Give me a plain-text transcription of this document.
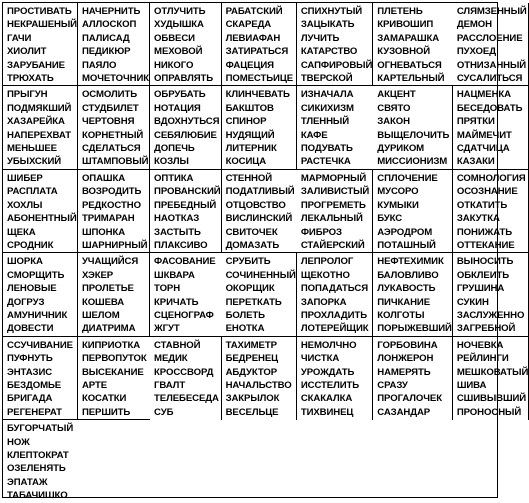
ПРОСТИВАТЬ
НЕКРАШЕНЫЙ
ГАЧИ
ХИОЛИТ
ЗАРУБАНИЕ
ТРЮХАТЬ
НАЧЕРНИТЬ
АЛЛОСКОП
ПАЛИСАД
ПЕДИКЮР
ПАЯЛО
МОЧЕТОЧНИК
ОТЛУЧИТЬ
ХУДЫШКА
ОБВЕСИ
МЕХОВОЙ
НИКОГО
ОПРАВЛЯТЬ
РАБАТСКИЙ
СКАРЕДА
ЛЕВИАФАН
ЗАТИРАТЬСЯ
ФАЦЕЦИЯ
ПОМЕСТЬИЦЕ
СПИХНУТЫЙ
ЗАЦЫКАТЬ
ЛУЧИТЬ
КАТАРСТВО
САПФИРОВЫЙ
ТВЕРСКОЙ
ПЛЕТЕНЬ
КРИВОШИП
ЗАМАРАШКА
КУЗОВНОЙ
ОГНЕВАТЬСЯ
КАРТЕЛЬНЫЙ
СЛЯМЗЕННЫЙ
ДЕМОН
РАССЛОЕНИЕ
ПУХОЕД
ОТНИЗАННЫЙ
СУСАЛИТЬСЯ
ПРЫГУН
ПОДМЯКШИЙ
ХАЗАРЕЙКА
НАПЕРЕХВАТ
МЕНЬШЕЕ
УБЫХСКИЙ
ОСМОЛИТЬ
СТУДБИЛЕТ
ЧЕРТОВНЯ
КОРНЕТНЫЙ
СДЕЛАТЬСЯ
ШТАМПОВЫЙ
ОБРУБАТЬ
НОТАЦИЯ
ВДОХНУТЬСЯ
СЕБЯЛЮБИЕ
ДОПЕЧЬ
КОЗЛЫ
КЛИНЧЕВАТЬ
БАКШТОВ
СПИНОР
НУДЯЩИЙ
ЛИТЕРНИК
КОСИЦА
ИЗНАЧАЛА
СИКИХИЗМ
ТЛЕННЫЙ
КАФЕ
ПОДУВАТЬ
РАСТЕЧКА
АКЦЕНТ
СВЯТО
ЗАКОН
ВЫЩЕЛОЧИТЬ
ДУРИКОМ
МИССИОНИЗМ
НАЦМЕНКА
БЕСЕДОВАТЬ
ПРЯТКИ
МАЙМЕЧИТ
СДАТЧИЦА
КАЗАКИ
ШИБЕР
РАСПЛАТА
ХОХЛЫ
АБОНЕНТНЫЙ
ЩЕКА
СРОДНИК
ОПАШКА
ВОЗРОДИТЬ
РЕДКОСТНО
ТРИМАРАН
ШПОНКА
ШАРНИРНЫЙ
ОПТИКА
ПРОВАНСКИЙ
ПРЕБЕДНЫЙ
НАОТКАЗ
ЗАСТЫТЬ
ПЛАКСИВО
СТЕННОЙ
ПОДАТЛИВЫЙ
ОТЦОВСТВО
ВИСЛИНСКИЙ
СВИТОЧЕК
ДОМАЗАТЬ
МАРМОРНЫЙ
ЗАЛИВИСТЫЙ
ПРОГРЕМЕТЬ
ЛЕКАЛЬНЫЙ
ФИБРОЗ
СТАЙЕРСКИЙ
СПЛОЧЕНИЕ
МУСОРО
КУМЫКИ
БУКС
АЭРОДРОМ
ПОТАШНЫЙ
СОМНОЛОГИЯ
ОСОЗНАНИЕ
ОТКАТИТЬ
ЗАКУТКА
ПОНИЖАТЬ
ОТТЕКАНИЕ
ШОРКА
СМОРЩИТЬ
ЛЕНОВЫЕ
ДОГРУЗ
АМУНИЧНИК
ДОВЕСТИ
УЧАЩИЙСЯ
ХЭКЕР
ПРОЛЕТЬЕ
КОШЕВА
ШЕЛОМ
ДИАТРИМА
ФАСОВАНИЕ
ШКВАРА
ТОРН
КРИЧАТЬ
СЦЕНОГРАФ
ЖГУТ
СРУБИТЬ
СОЧИНЕННЫЙ
ОКОРЩИК
ПЕРЕТКАТЬ
БОЛЕТЬ
ЕНОТКА
ЛЕПРОЛОГ
ЩЕКОТНО
ПОПАДАТЬСЯ
ЗАПОРКА
ПРОХЛАДИТЬ
ЛОТЕРЕЙЩИК
НЕФТЕХИМИК
БАЛОВЛИВО
ЛУКАВОСТЬ
ПИЧКАНИЕ
КОЛГОТЫ
ПОРЫЖЕВШИЙ
ВЫНОСИТЬ
ОБКЛЕИТЬ
ГРУШИНА
СУКИН
ЗАСЛУЖЕННО
ЗАГРЕБНОЙ
ССУЧИВАНИЕ
ПУФНУТЬ
ЭНТАЗИС
БЕЗДОМЬЕ
БРИГАДА
РЕГЕНЕРАТ
КИПРИОТКА
ПЕРВОПУТОК
ВЫСЕКАНИЕ
АРТЕ
КОСАТКИ
ПЕРШИТЬ
СТАВНОЙ
МЕДИК
КРОССВОРД
ГВАЛТ
ТЕЛЕБЕСЕДА
СУБ
ТАХИМЕТР
БЕДРЕНЕЦ
АБДУКТОР
НАЧАЛЬСТВО
ЗАКРЫЛОК
ВЕСЕЛЬЦЕ
НЕМОЛЧНО
ЧИСТКА
УРОЖДАТЬ
ИССТЕЛИТЬ
СКАКАЛКА
ТИХВИНЕЦ
ГОРБОВИНА
ЛОНЖЕРОН
НАМЕРЯТЬ
СРАЗУ
ПРОГАЛОЧЕК
САЗАНДАР
НОЧЕВКА
РЕЙЛИНГИ
МЕШКОВАТЫЙ
ШИВА
СШИВЫВШИЙ
ПРОНОСНЫЙ
БУГОРЧАТЫЙ
НОЖ
КЛЕПТОКРАТ
ОЗЕЛЕНЯТЬ
ЭПАТАЖ
ТАБАЧИШКО
